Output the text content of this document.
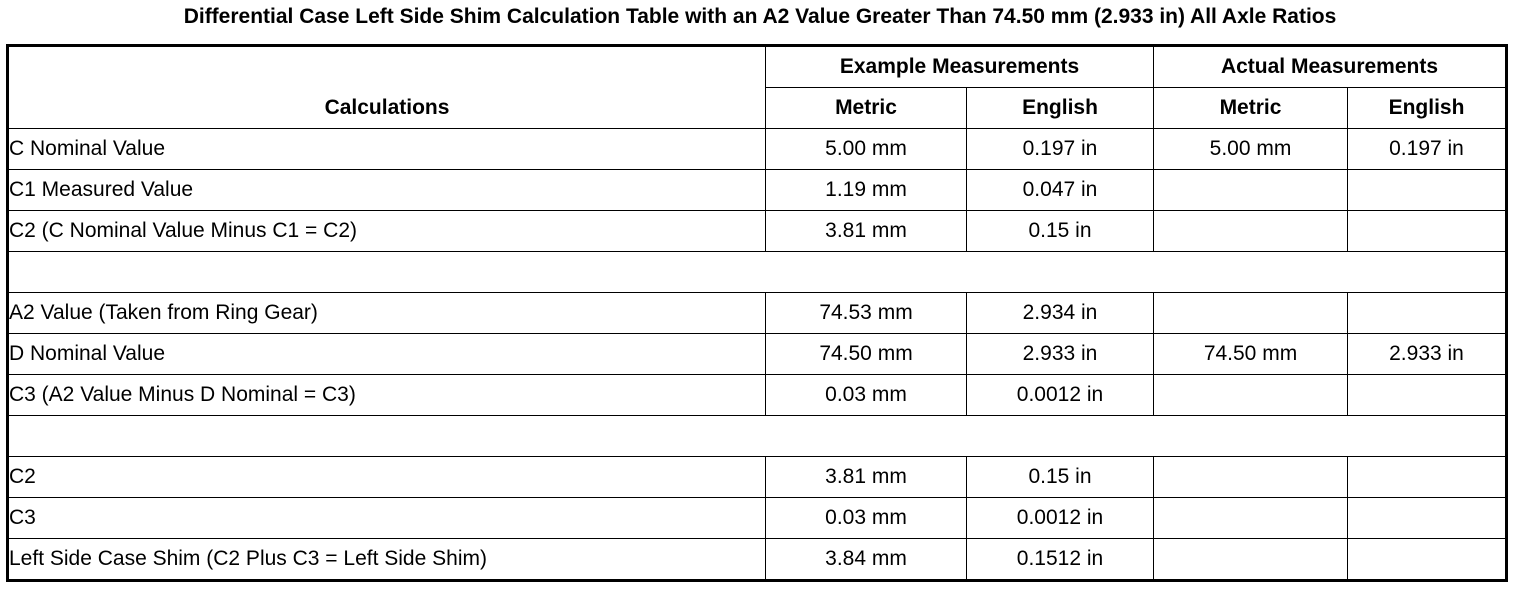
Differential Case Left Side Shim Calculation Table with an A2 Value Greater Than 74.50 mm (2.933 in) All Axle Ratios
Calculations	Example Measurements		Actual Measurements	
	Metric	English	Metric	English
C Nominal Value	5.00 mm	0.197 in	5.00 mm	0.197 in
C1 Measured Value	1.19 mm	0.047 in		
C2 (C Nominal Value Minus C1 = C2)	3.81 mm	0.15 in		

A2 Value (Taken from Ring Gear)	74.53 mm	2.934 in		
D Nominal Value	74.50 mm	2.933 in	74.50 mm	2.933 in
C3 (A2 Value Minus D Nominal = C3)	0.03 mm	0.0012 in		

C2	3.81 mm	0.15 in		
C3	0.03 mm	0.0012 in		
Left Side Case Shim (C2 Plus C3 = Left Side Shim)	3.84 mm	0.1512 in		
